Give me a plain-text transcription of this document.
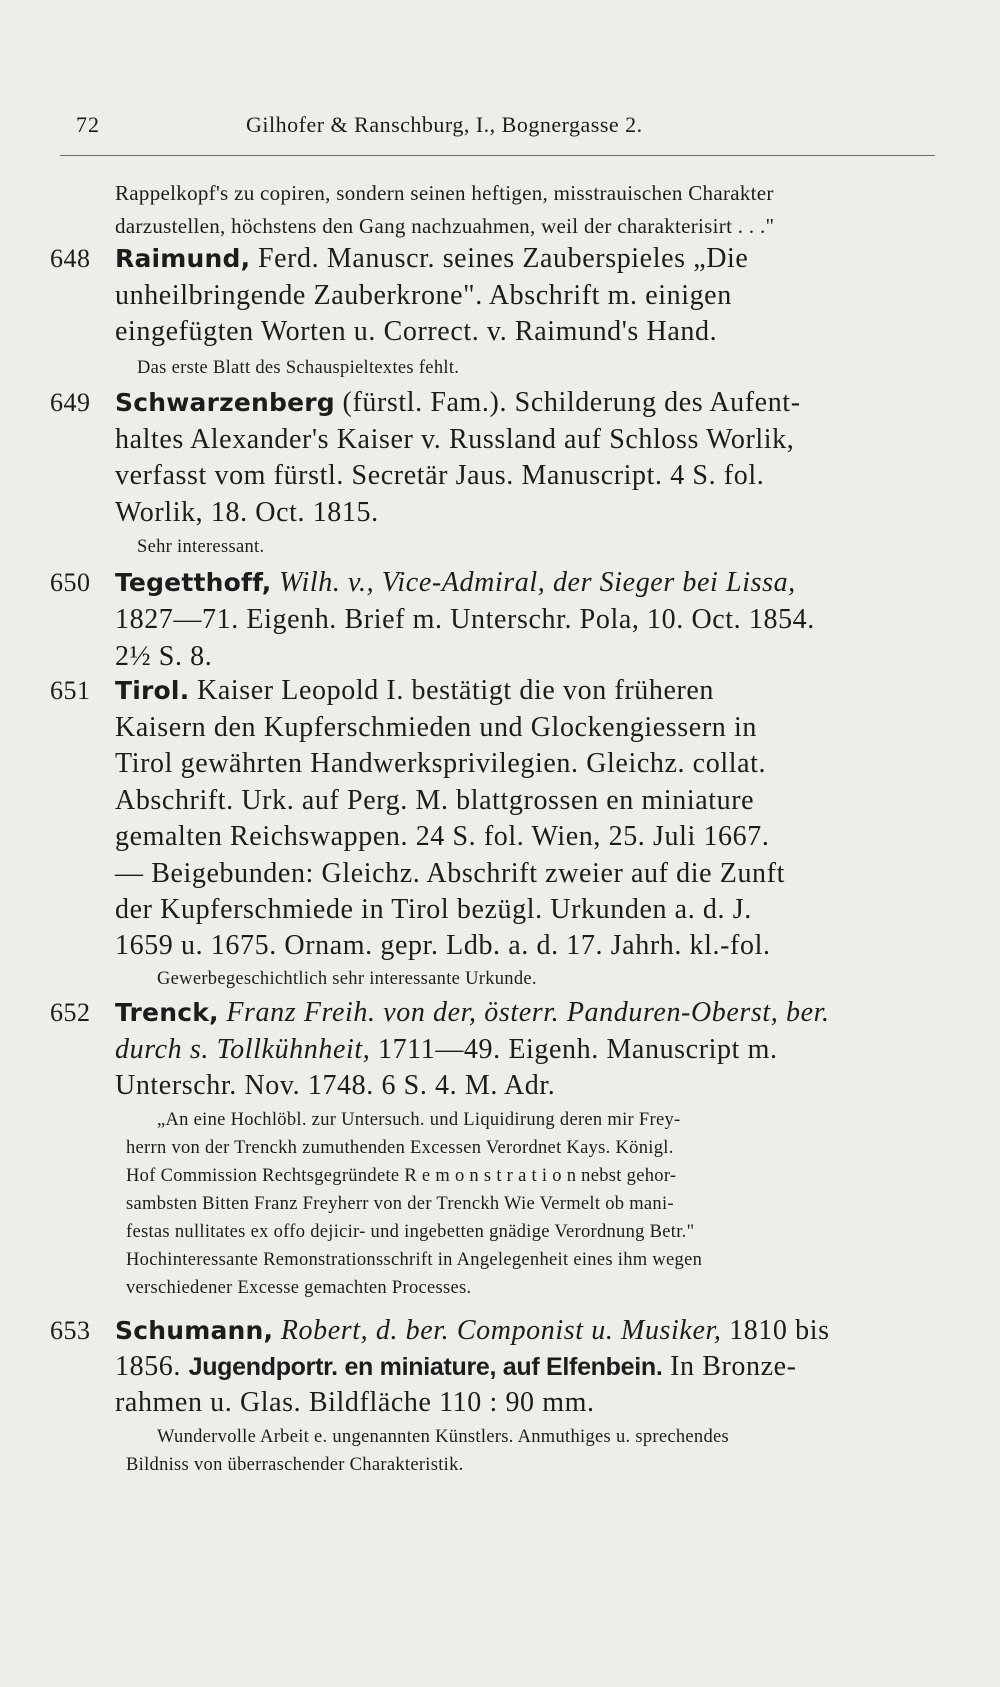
72	Gilhofer & Ranschburg, I., Bognergasse 2.
Rappelkopf's zu copiren, sondern seinen heftigen, misstrauischen Charakter
darzustellen, höchstens den Gang nachzuahmen, weil der charakterisirt . . ."
648 Raimund, Ferd. Manuscr. seines Zauberspieles „Die
unheilbringende Zauberkrone". Abschrift m. einigen
eingefügten Worten u. Correct. v. Raimund's Hand.
Das erste Blatt des Schauspieltextes fehlt.
649 Schwarzenberg (fürstl. Fam.). Schilderung des Aufent-
haltes Alexander's Kaiser v. Russland auf Schloss Worlik,
verfasst vom fürstl. Secretär Jaus. Manuscript. 4 S. fol.
Worlik, 18. Oct. 1815.
Sehr interessant.
650 Tegetthoff, Wilh. v., Vice-Admiral, der Sieger bei Lissa,
1827—71. Eigenh. Brief m. Unterschr. Pola, 10. Oct. 1854.
2½ S. 8.
651 Tirol. Kaiser Leopold I. bestätigt die von früheren
Kaisern den Kupferschmieden und Glockengiessern in
Tirol gewährten Handwerksprivilegien. Gleichz. collat.
Abschrift. Urk. auf Perg. M. blattgrossen en miniature
gemalten Reichswappen. 24 S. fol. Wien, 25. Juli 1667.
— Beigebunden: Gleichz. Abschrift zweier auf die Zunft
der Kupferschmiede in Tirol bezügl. Urkunden a. d. J.
1659 u. 1675. Ornam. gepr. Ldb. a. d. 17. Jahrh. kl.-fol.
Gewerbegeschichtlich sehr interessante Urkunde.
652 Trenck, Franz Freih. von der, österr. Panduren-Oberst, ber.
durch s. Tollkühnheit, 1711—49. Eigenh. Manuscript m.
Unterschr. Nov. 1748. 6 S. 4. M. Adr.
„An eine Hochlöbl. zur Untersuch. und Liquidirung deren mir Frey-
herrn von der Trenckh zumuthenden Excessen Verordnet Kays. Königl.
Hof Commission Rechtsgegründete R e m o n s t r a t i o n nebst gehor-
sambsten Bitten Franz Freyherr von der Trenckh Wie Vermelt ob mani-
festas nullitates ex offo dejicir- und ingebetten gnädige Verordnung Betr."
Hochinteressante Remonstrationsschrift in Angelegenheit eines ihm wegen
verschiedener Excesse gemachten Processes.
653 Schumann, Robert, d. ber. Componist u. Musiker, 1810 bis
1856. Jugendportr. en miniature, auf Elfenbein. In Bronze-
rahmen u. Glas. Bildfläche 110 : 90 mm.
Wundervolle Arbeit e. ungenannten Künstlers. Anmuthiges u. sprechendes
Bildniss von überraschender Charakteristik.
